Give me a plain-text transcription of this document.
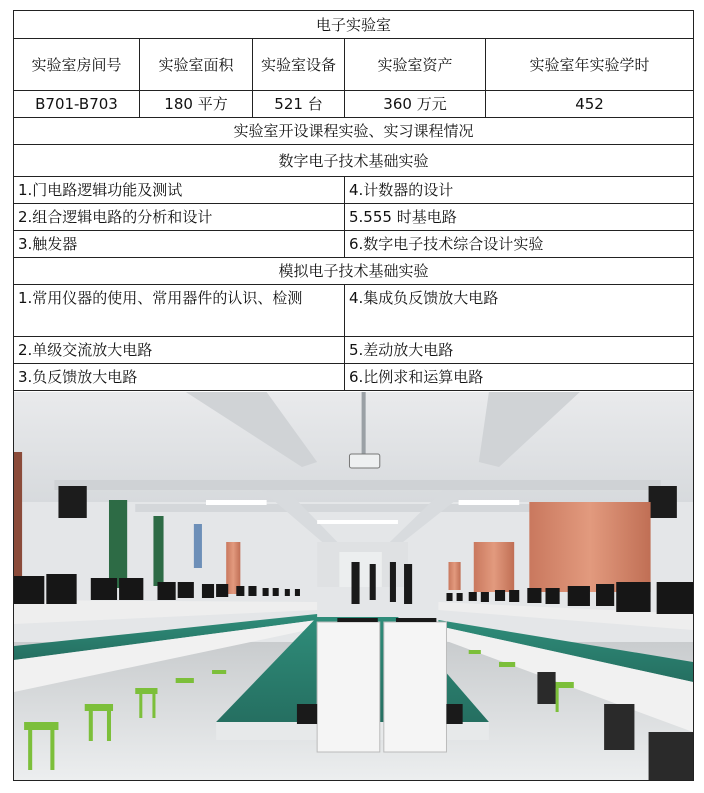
电子实验室				
实验室房间号	实验室面积	实验室设备	实验室资产	实验室年实验学时
B701-B703	180 平方	521 台	360 万元	452
实验室开设课程实验、实习课程情况				
数字电子技术基础实验				
1.门电路逻辑功能及测试			4.计数器的设计	
2.组合逻辑电路的分析和设计			5.555 时基电路	
3.触发器			6.数字电子技术综合设计实验	
模拟电子技术基础实验				
1.常用仪器的使用、常用器件的认识、检测			4.集成负反馈放大电路	
2.单级交流放大电路			5.差动放大电路	
3.负反馈放大电路			6.比例求和运算电路	
